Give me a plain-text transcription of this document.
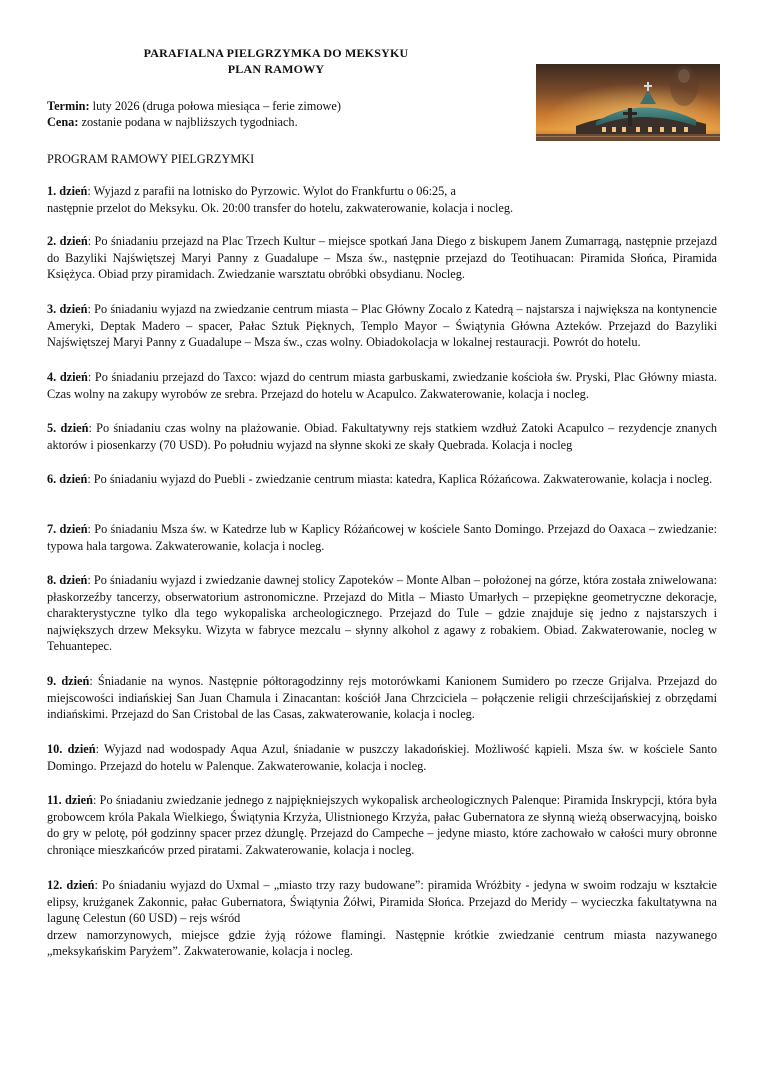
PARAFIALNA PIELGRZYMKA DO MEKSYKU
PLAN RAMOWY

Termin: luty 2026 (druga połowa miesiąca – ferie zimowe)

Cena: zostanie podana w najbliższych tygodniach.

PROGRAM RAMOWY PIELGRZYMKI

1. dzień: Wyjazd z parafii na lotnisko do Pyrzowic. Wylot do Frankfurtu o 06:25, a

następnie przelot do Meksyku. Ok. 20:00 transfer do hotelu, zakwaterowanie, kolacja i nocleg.

2. dzień: Po śniadaniu przejazd na Plac Trzech Kultur – miejsce spotkań Jana Diego z biskupem Janem Zumarragą, następnie przejazd do Bazyliki Najświętszej Maryi Panny z Guadalupe – Msza św., następnie przejazd do Teotihuacan: Piramida Słońca, Piramida Księżyca. Obiad przy piramidach. Zwiedzanie warsztatu obróbki obsydianu. Nocleg.
3. dzień: Po śniadaniu wyjazd na zwiedzanie centrum miasta – Plac Główny Zocalo z Katedrą – najstarsza i największa na kontynencie Ameryki, Deptak Madero – spacer, Pałac Sztuk Pięknych, Templo Mayor – Świątynia Główna Azteków. Przejazd do Bazyliki Najświętszej Maryi Panny z Guadalupe – Msza św., czas wolny. Obiadokolacja w lokalnej restauracji. Powrót do hotelu.
4. dzień: Po śniadaniu przejazd do Taxco: wjazd do centrum miasta garbuskami, zwiedzanie kościoła św. Pryski, Plac Główny miasta. Czas wolny na zakupy wyrobów ze srebra. Przejazd do hotelu w Acapulco. Zakwaterowanie, kolacja i nocleg.
5. dzień: Po śniadaniu czas wolny na plażowanie. Obiad. Fakultatywny rejs statkiem wzdłuż Zatoki Acapulco – rezydencje znanych aktorów i piosenkarzy (70 USD). Po południu wyjazd na słynne skoki ze skały Quebrada. Kolacja i nocleg
6. dzień: Po śniadaniu wyjazd do Puebli - zwiedzanie centrum miasta: katedra, Kaplica Różańcowa. Zakwaterowanie, kolacja i nocleg.
7. dzień: Po śniadaniu Msza św. w Katedrze lub w Kaplicy Różańcowej w kościele Santo Domingo. Przejazd do Oaxaca – zwiedzanie: typowa hala targowa. Zakwaterowanie, kolacja i nocleg.
8. dzień: Po śniadaniu wyjazd i zwiedzanie dawnej stolicy Zapoteków – Monte Alban – położonej na górze, która została zniwelowana: płaskorzeźby tancerzy, obserwatorium astronomiczne. Przejazd do Mitla – Miasto Umarłych – przepiękne geometryczne dekoracje, charakterystyczne tylko dla tego wykopaliska archeologicznego. Przejazd do Tule – gdzie znajduje się jedno z najstarszych i największych drzew Meksyku. Wizyta w fabryce mezcalu – słynny alkohol z agawy z robakiem. Obiad. Zakwaterowanie, nocleg w Tehuantepec.
9. dzień: Śniadanie na wynos. Następnie półtoragodzinny rejs motorówkami Kanionem Sumidero po rzecze Grijalva. Przejazd do miejscowości indiańskiej San Juan Chamula i Zinacantan: kościół Jana Chrzciciela – połączenie religii chrześcijańskiej z obrzędami indiańskimi. Przejazd do San Cristobal de las Casas, zakwaterowanie, kolacja i nocleg.
10. dzień: Wyjazd nad wodospady Aqua Azul, śniadanie w puszczy lakadońskiej. Możliwość kąpieli. Msza św. w kościele Santo Domingo. Przejazd do hotelu w Palenque. Zakwaterowanie, kolacja i nocleg.
11. dzień: Po śniadaniu zwiedzanie jednego z najpiękniejszych wykopalisk archeologicznych Palenque: Piramida Inskrypcji, która była grobowcem króla Pakala Wielkiego, Świątynia Krzyża, Ulistnionego Krzyża, pałac Gubernatora ze słynną wieżą obserwacyjną, boisko do gry w pelotę, pół godzinny spacer przez dżunglę. Przejazd do Campeche – jedyne miasto, które zachowało w całości mury obronne chroniące mieszkańców przed piratami. Zakwaterowanie, kolacja i nocleg.

12. dzień: Po śniadaniu wyjazd do Uxmal – „miasto trzy razy budowane”: piramida Wróżbity - jedyna w swoim rodzaju w kształcie elipsy, krużganek Zakonnic, pałac Gubernatora, Świątynia Żółwi, Piramida Słońca. Przejazd do Meridy – wycieczka fakultatywna na lagunę Celestun (60 USD) – rejs wśród

drzew namorzynowych, miejsce gdzie żyją różowe flamingi. Następnie krótkie zwiedzanie centrum miasta nazywanego „meksykańskim Paryżem”. Zakwaterowanie, kolacja i nocleg.
